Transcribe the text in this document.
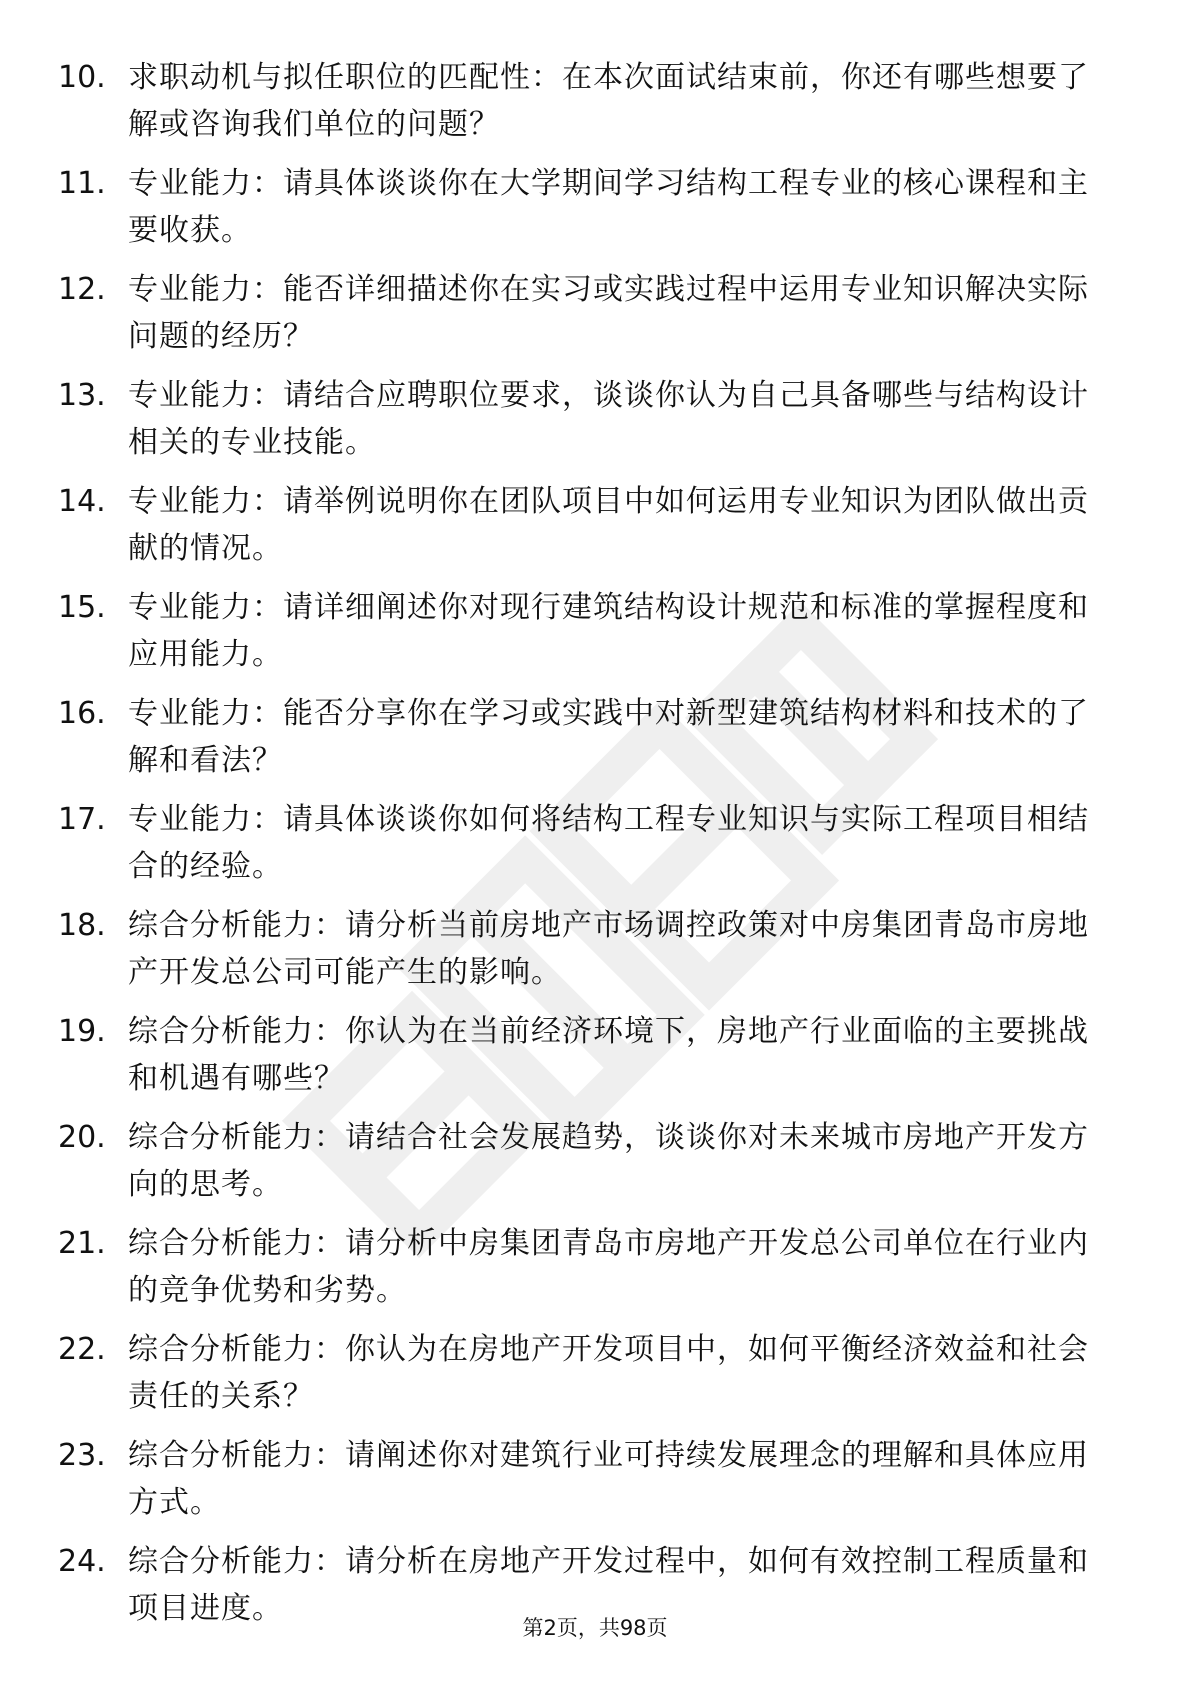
10. 求职动机与拟任职位的匹配性：在本次面试结束前，你还有哪些想要了解或咨询我们单位的问题？
11. 专业能力：请具体谈谈你在大学期间学习结构工程专业的核心课程和主要收获。
12. 专业能力：能否详细描述你在实习或实践过程中运用专业知识解决实际问题的经历？
13. 专业能力：请结合应聘职位要求，谈谈你认为自己具备哪些与结构设计相关的专业技能。
14. 专业能力：请举例说明你在团队项目中如何运用专业知识为团队做出贡献的情况。
15. 专业能力：请详细阐述你对现行建筑结构设计规范和标准的掌握程度和应用能力。
16. 专业能力：能否分享你在学习或实践中对新型建筑结构材料和技术的了解和看法？
17. 专业能力：请具体谈谈你如何将结构工程专业知识与实际工程项目相结合的经验。
18. 综合分析能力：请分析当前房地产市场调控政策对中房集团青岛市房地产开发总公司可能产生的影响。
19. 综合分析能力：你认为在当前经济环境下，房地产行业面临的主要挑战和机遇有哪些？
20. 综合分析能力：请结合社会发展趋势，谈谈你对未来城市房地产开发方向的思考。
21. 综合分析能力：请分析中房集团青岛市房地产开发总公司单位在行业内的竞争优势和劣势。
22. 综合分析能力：你认为在房地产开发项目中，如何平衡经济效益和社会责任的关系？
23. 综合分析能力：请阐述你对建筑行业可持续发展理念的理解和具体应用方式。
24. 综合分析能力：请分析在房地产开发过程中，如何有效控制工程质量和项目进度。
第2页，共98页
